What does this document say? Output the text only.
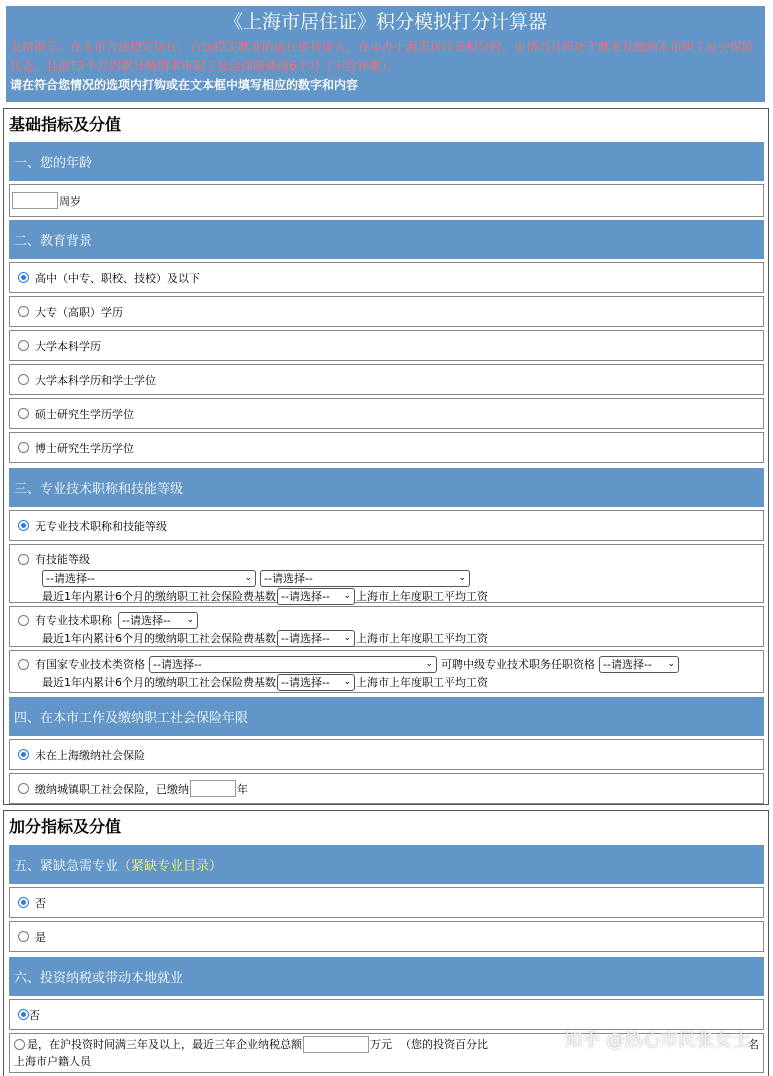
《上海市居住证》积分模拟打分计算器
友情提示：在本市合法稳定居住、合法稳定就业的居住证持证人，在申办上海市居住证积分时，申请当月应处于就业及缴纳本市职工社会保险状态，且前12个月内累计缴纳本市职工社会保险费满6个月（不含补缴）。
请在符合您情况的选项内打钩或在文本框中填写相应的数字和内容
基础指标及分值
一、您的年龄
周岁
二、教育背景
高中（中专、职校、技校）及以下
大专（高职）学历
大学本科学历
大学本科学历和学士学位
硕士研究生学历学位
博士研究生学历学位
三、专业技术职称和技能等级
无专业技术职称和技能等级
有技能等级
--请选择--	⌄ --请选择--	⌄
最近1年内累计6个月的缴纳职工社会保险费基数 --请选择-- ⌄ 上海市上年度职工平均工资
有专业技术职称 --请选择-- ⌄
最近1年内累计6个月的缴纳职工社会保险费基数 --请选择-- ⌄ 上海市上年度职工平均工资
有国家专业技术类资格 --请选择--	⌄ 可聘中级专业技术职务任职资格 --请选择-- ⌄
最近1年内累计6个月的缴纳职工社会保险费基数 --请选择-- ⌄ 上海市上年度职工平均工资
四、在本市工作及缴纳职工社会保险年限
未在上海缴纳社会保险
缴纳城镇职工社会保险，已缴纳	年
加分指标及分值
五、紧缺急需专业 （紧缺专业目录）
否
是
六、投资纳税或带动本地就业
否
是，在沪投资时间满三年及以上，最近三年企业纳税总额	万元 （您的投资百分比	名
上海市户籍人员
知乎 @热心市民张女士
